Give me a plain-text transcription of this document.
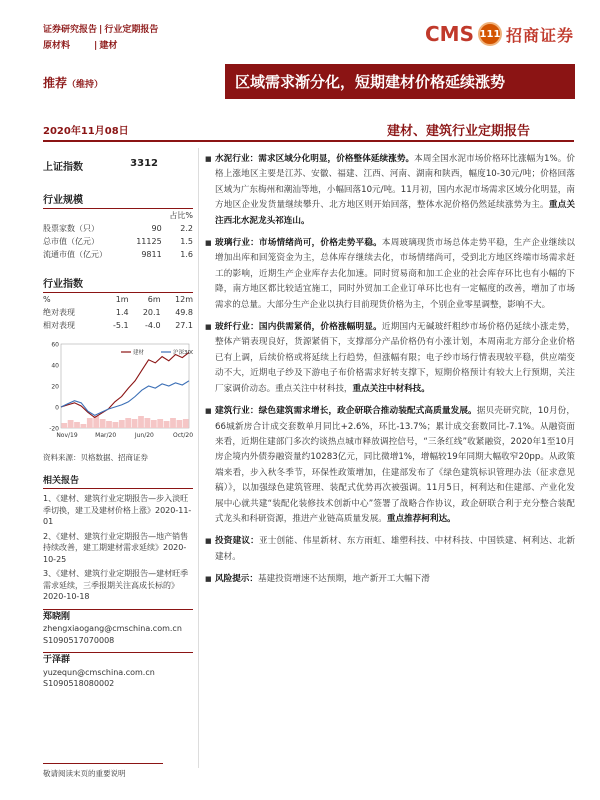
证券研究报告 | 行业定期报告
原材料	| 建材	CMS 111 招商证券
推荐（维持）	区域需求渐分化，短期建材价格延续涨势
2020年11月08日	建材、建筑行业定期报告
上证指数	3312
行业规模
		占比%
股票家数（只）	90	2.2
总市值（亿元）	11125	1.5
流通市值（亿元）	9811	1.6
行业指数
%	1m	6m	12m
绝对表现	1.4	20.1	49.8
相对表现	-5.1	-4.0	27.1
60
40
20
0
-20
建材	沪深300
Nov/19	Mar/20	Jun/20	Oct/20
资料来源：贝格数据、招商证券
相关报告
1、《建材、建筑行业定期报告—步入淡旺季切换，建工及建材价格上涨》2020-11-01
2、《建材、建筑行业定期报告—地产销售持续改善，建工期建材需求延续》2020-10-25
3、《建材、建筑行业定期报告—建材旺季需求延续，三季报期关注高成长标的》2020-10-18
郑晓刚
zhengxiaogang@cmschina.com.cn
S1090517070008
于泽群
yuzequn@cmschina.com.cn
S1090518080002
■ 水泥行业：需求区域分化明显，价格整体延续涨势。本周全国水泥市场价格环比涨幅为1%。价格上涨地区主要是江苏、安徽、福建、江西、河南、湖南和陕西，幅度10-30元/吨；价格回落区域为广东梅州和潮汕等地，小幅回落10元/吨。11月初，国内水泥市场需求区域分化明显，南方地区企业发货量继续攀升、北方地区则开始回落，整体水泥价格仍然延续涨势为主。重点关注西北水泥龙头祁连山。
■ 玻璃行业：市场情绪尚可，价格走势平稳。本周玻璃现货市场总体走势平稳，生产企业继续以增加出库和回笼资金为主，总体库存继续去化，市场情绪尚可，受到北方地区终端市场需求赶工的影响，近期生产企业库存去化加速。同时贸易商和加工企业的社会库存环比也有小幅的下降，南方地区都比较适宜施工，同时外贸加工企业订单环比也有一定幅度的改善，增加了市场需求的总量。大部分生产企业以执行目前现货价格为主，个别企业零星调整，影响不大。
■ 玻纤行业：国内供需紧俏，价格涨幅明显。近期国内无碱玻纤粗纱市场价格仍延续小涨走势，整体产销表现良好，货源紧俏下，支撑部分产品价格仍有小涨计划，本周南北方部分企业价格已有上调，后续价格或将延续上行趋势，但涨幅有限；电子纱市场行情表现较平稳，供应端变动不大，近期电子纱及下游电子布价格需求好转支撑下，短期价格预计有较大上行预期，关注厂家调价动态。重点关注中材科技，重点关注中材科技。
■ 建筑行业：绿色建筑需求增长，政企研联合推动装配式高质量发展。据贝壳研究院，10月份，66城新房合计成交套数单月同比+2.6%，环比-13.7%；累计成交套数同比-7.1%。从融资面来看，近期住建部门多次约谈热点城市释放调控信号，“三条红线”收紧融资，2020年1至10月房企境内外债券融资量约10283亿元，同比微增1%，增幅较19年同期大幅收窄20pp。从政策端来看，步入秋冬季节，环保性政策增加，住建部发布了《绿色建筑标识管理办法（征求意见稿）》，以加强绿色建筑管理、装配式优势再次被强调。11月5日，柯利达和住建部、产业化发展中心就共建“装配化装修技术创新中心”签署了战略合作协议，政企研联合利于充分整合装配式龙头和科研资源，推进产业链高质量发展。重点推荐柯利达。
■ 投资建议：亚士创能、伟星新材、东方雨虹、雄塑科技、中材科技、中国铁建、柯利达、北新建材。
■ 风险提示：基建投资增速不达预期，地产新开工大幅下滑
敬请阅读末页的重要说明
